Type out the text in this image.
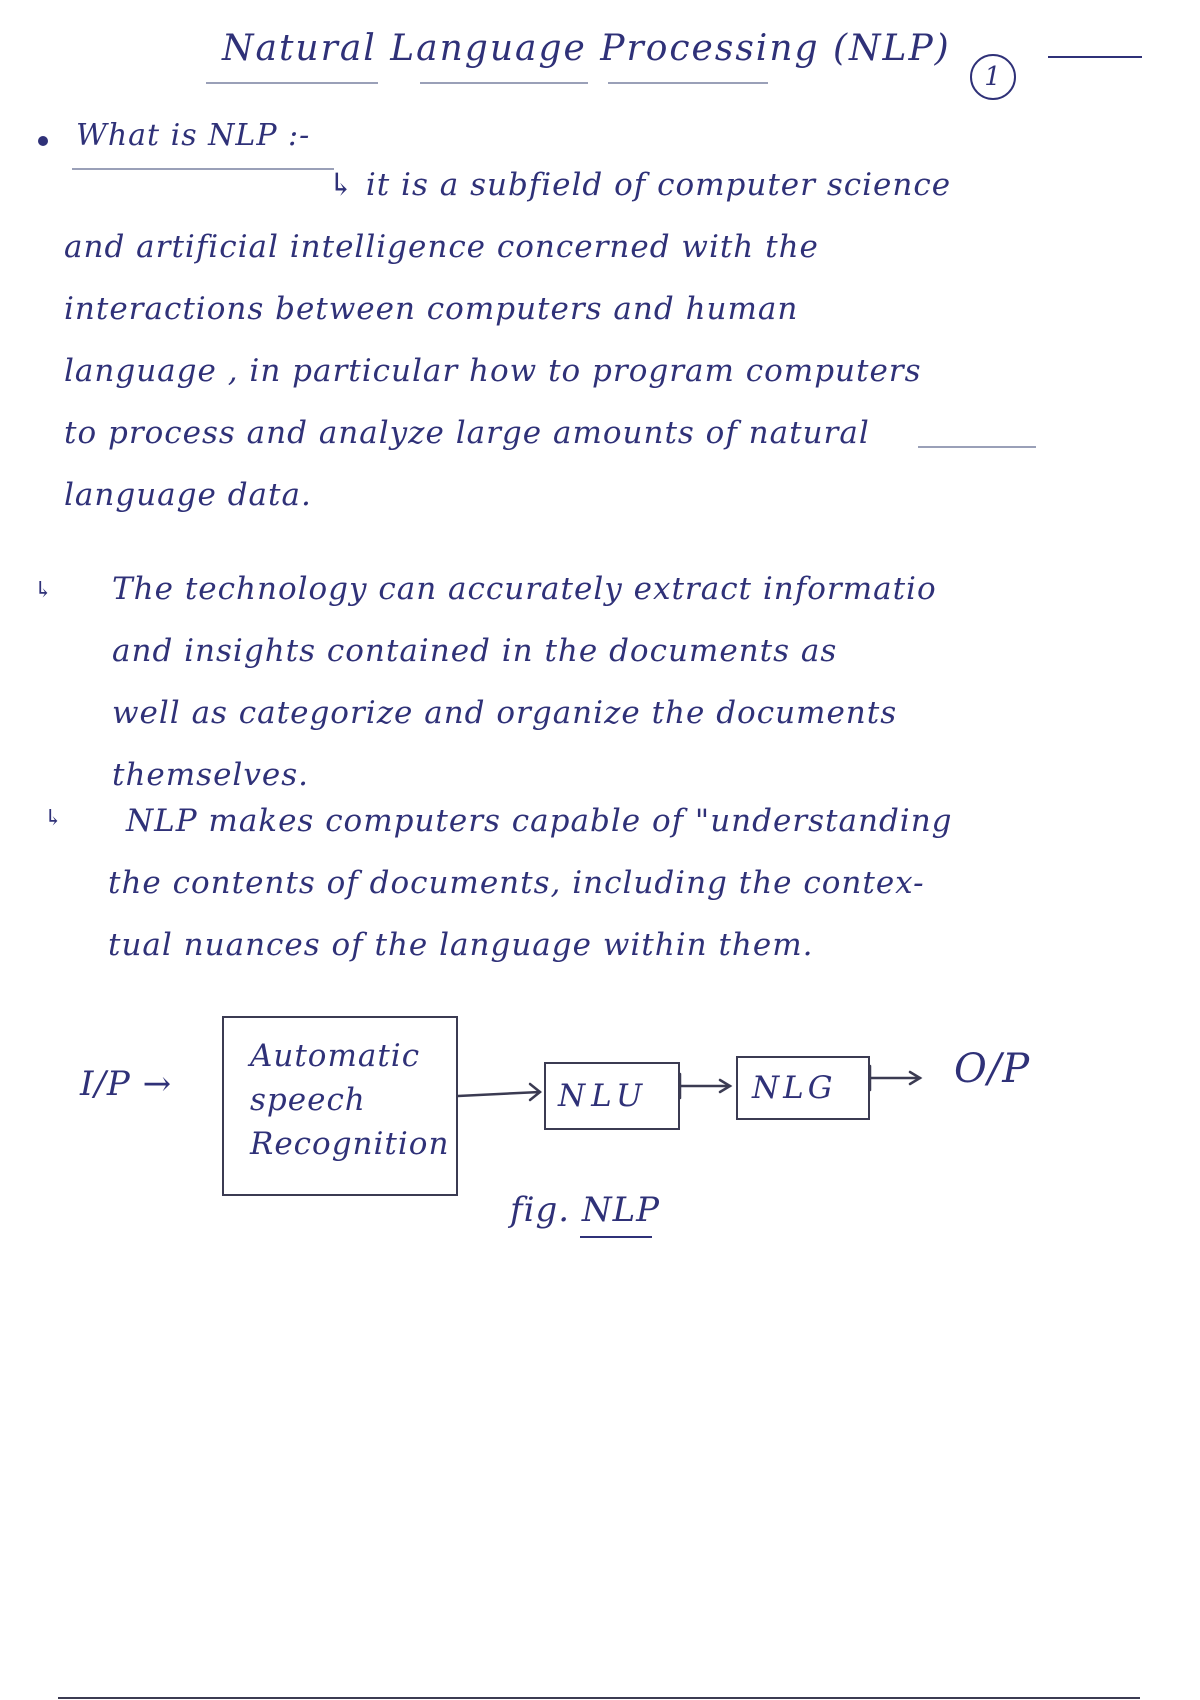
Natural Language Processing (NLP)
1
What is NLP :-
↳ it is a subfield of computer science
and artificial intelligence concerned with the
interactions between computers and human
language , in particular how to program computers
to process and analyze large amounts of natural
language data.
↳ The technology can accurately extract informatio
and insights contained in the documents as
well as categorize and organize the documents
themselves.
↳	NLP makes computers capable of "understanding
the contents of documents, including the contex-
tual nuances of the language within them.
I/P →
Automatic
speech
Recognition
NLU	NLG	O/P
fig. NLP
